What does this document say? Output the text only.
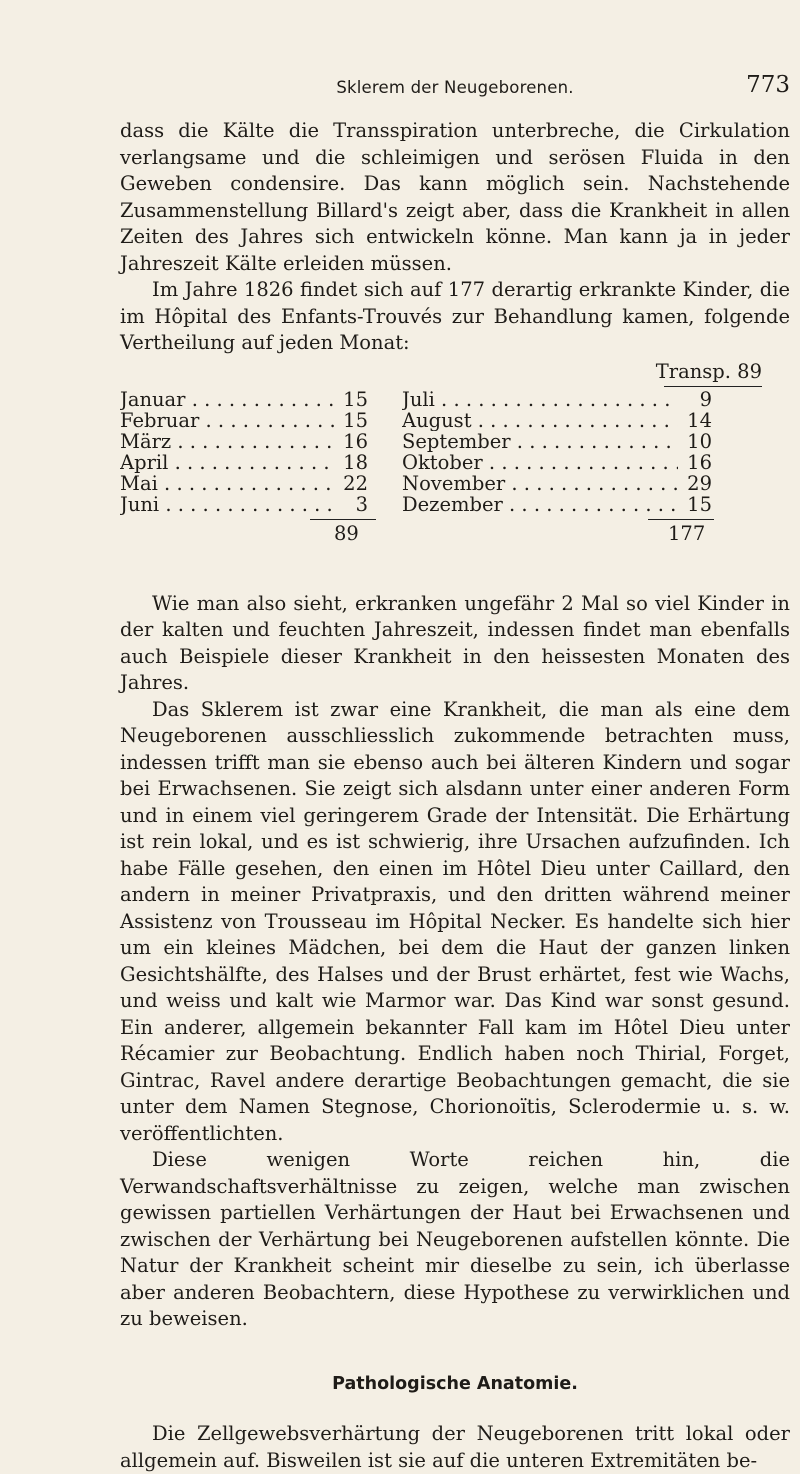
Sklerem der Neugeborenen.	773

dass die Kälte die Transspiration unterbreche, die Cirkulation verlangsame und die schleimigen und serösen Fluida in den Geweben condensire. Das kann möglich sein. Nachstehende Zusammenstellung Billard's zeigt aber, dass die Krankheit in allen Zeiten des Jahres sich entwickeln könne. Man kann ja in jeder Jahreszeit Kälte erleiden müssen.

Im Jahre 1826 findet sich auf 177 derartig erkrankte Kinder, die im Hôpital des Enfants-Trouvés zur Behandlung kamen, folgende Vertheilung auf jeden Monat:

Transp. 89
Januar . . .	15
Februar . . .	15
März . . .	16
April . . .	18
Mai . . .	22
Juni . . .	3
Juli . . .	9
August . . .	14
September . . .	10
Oktober . . .	16
November . . .	29
Dezember . . .	15
89	177

Wie man also sieht, erkranken ungefähr 2 Mal so viel Kinder in der kalten und feuchten Jahreszeit, indessen findet man ebenfalls auch Beispiele dieser Krankheit in den heissesten Monaten des Jahres.

Das Sklerem ist zwar eine Krankheit, die man als eine dem Neugeborenen ausschliesslich zukommende betrachten muss, indessen trifft man sie ebenso auch bei älteren Kindern und sogar bei Erwachsenen. Sie zeigt sich alsdann unter einer anderen Form und in einem viel geringerem Grade der Intensität. Die Erhärtung ist rein lokal, und es ist schwierig, ihre Ursachen aufzufinden. Ich habe Fälle gesehen, den einen im Hôtel Dieu unter Caillard, den andern in meiner Privatpraxis, und den dritten während meiner Assistenz von Trousseau im Hôpital Necker. Es handelte sich hier um ein kleines Mädchen, bei dem die Haut der ganzen linken Gesichtshälfte, des Halses und der Brust erhärtet, fest wie Wachs, und weiss und kalt wie Marmor war. Das Kind war sonst gesund. Ein anderer, allgemein bekannter Fall kam im Hôtel Dieu unter Récamier zur Beobachtung. Endlich haben noch Thirial, Forget, Gintrac, Ravel andere derartige Beobachtungen gemacht, die sie unter dem Namen Stegnose, Chorionoïtis, Sclerodermie u. s. w. veröffentlichten.

Diese wenigen Worte reichen hin, die Verwandschaftsverhältnisse zu zeigen, welche man zwischen gewissen partiellen Verhärtungen der Haut bei Erwachsenen und zwischen der Verhärtung bei Neugeborenen aufstellen könnte. Die Natur der Krankheit scheint mir dieselbe zu sein, ich überlasse aber anderen Beobachtern, diese Hypothese zu verwirklichen und zu beweisen.

Pathologische Anatomie.

Die Zellgewebsverhärtung der Neugeborenen tritt lokal oder allgemein auf. Bisweilen ist sie auf die unteren Extremitäten be-
